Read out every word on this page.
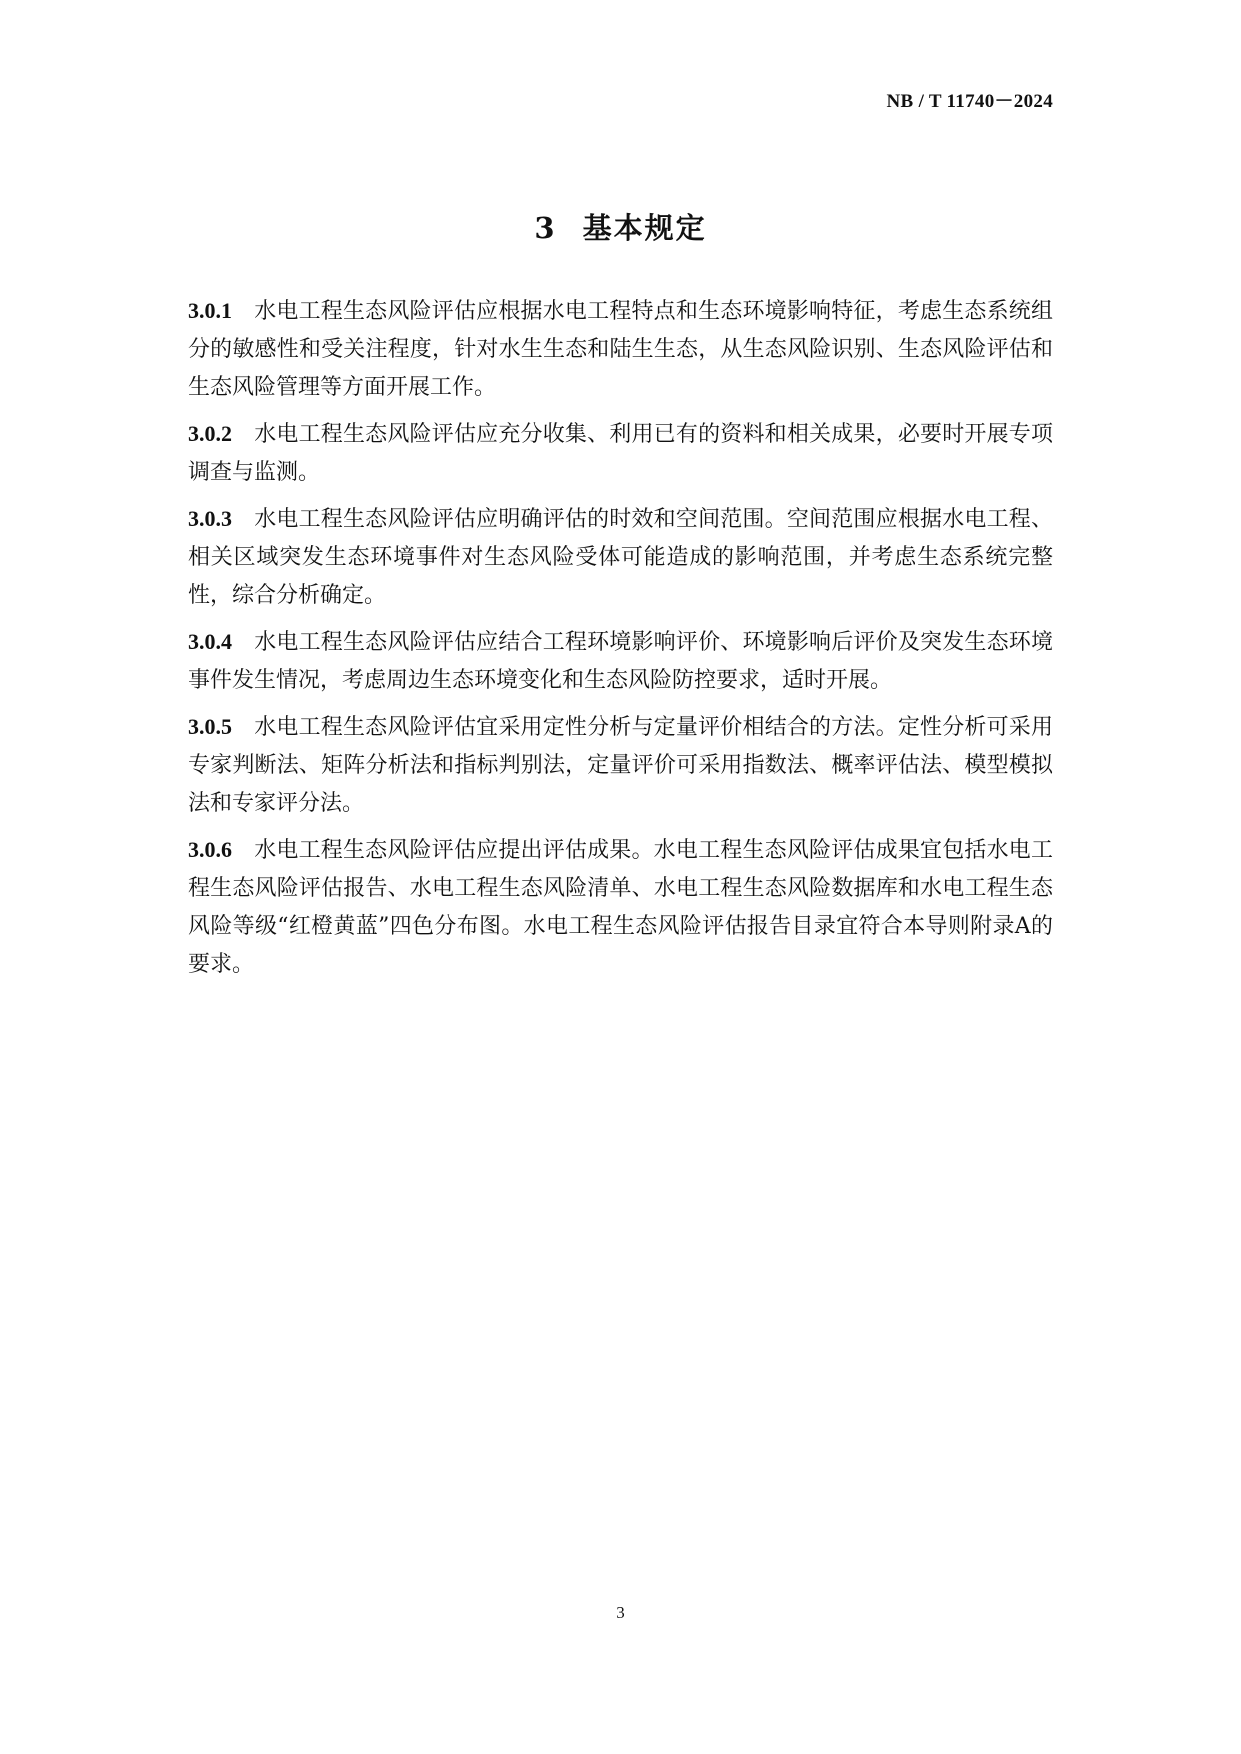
NB / T 11740－2024
3 基本规定

3.0.1 水电工程生态风险评估应根据水电工程特点和生态环境影响特征，考虑生态系统组分的敏感性和受关注程度，针对水生生态和陆生生态，从生态风险识别、生态风险评估和生态风险管理等方面开展工作。

3.0.2 水电工程生态风险评估应充分收集、利用已有的资料和相关成果，必要时开展专项调查与监测。

3.0.3 水电工程生态风险评估应明确评估的时效和空间范围。空间范围应根据水电工程、相关区域突发生态环境事件对生态风险受体可能造成的影响范围，并考虑生态系统完整性，综合分析确定。

3.0.4 水电工程生态风险评估应结合工程环境影响评价、环境影响后评价及突发生态环境事件发生情况，考虑周边生态环境变化和生态风险防控要求，适时开展。

3.0.5 水电工程生态风险评估宜采用定性分析与定量评价相结合的方法。定性分析可采用专家判断法、矩阵分析法和指标判别法，定量评价可采用指数法、概率评估法、模型模拟法和专家评分法。

3.0.6 水电工程生态风险评估应提出评估成果。水电工程生态风险评估成果宜包括水电工程生态风险评估报告、水电工程生态风险清单、水电工程生态风险数据库和水电工程生态风险等级“红橙黄蓝”四色分布图。水电工程生态风险评估报告目录宜符合本导则附录A的要求。

3
